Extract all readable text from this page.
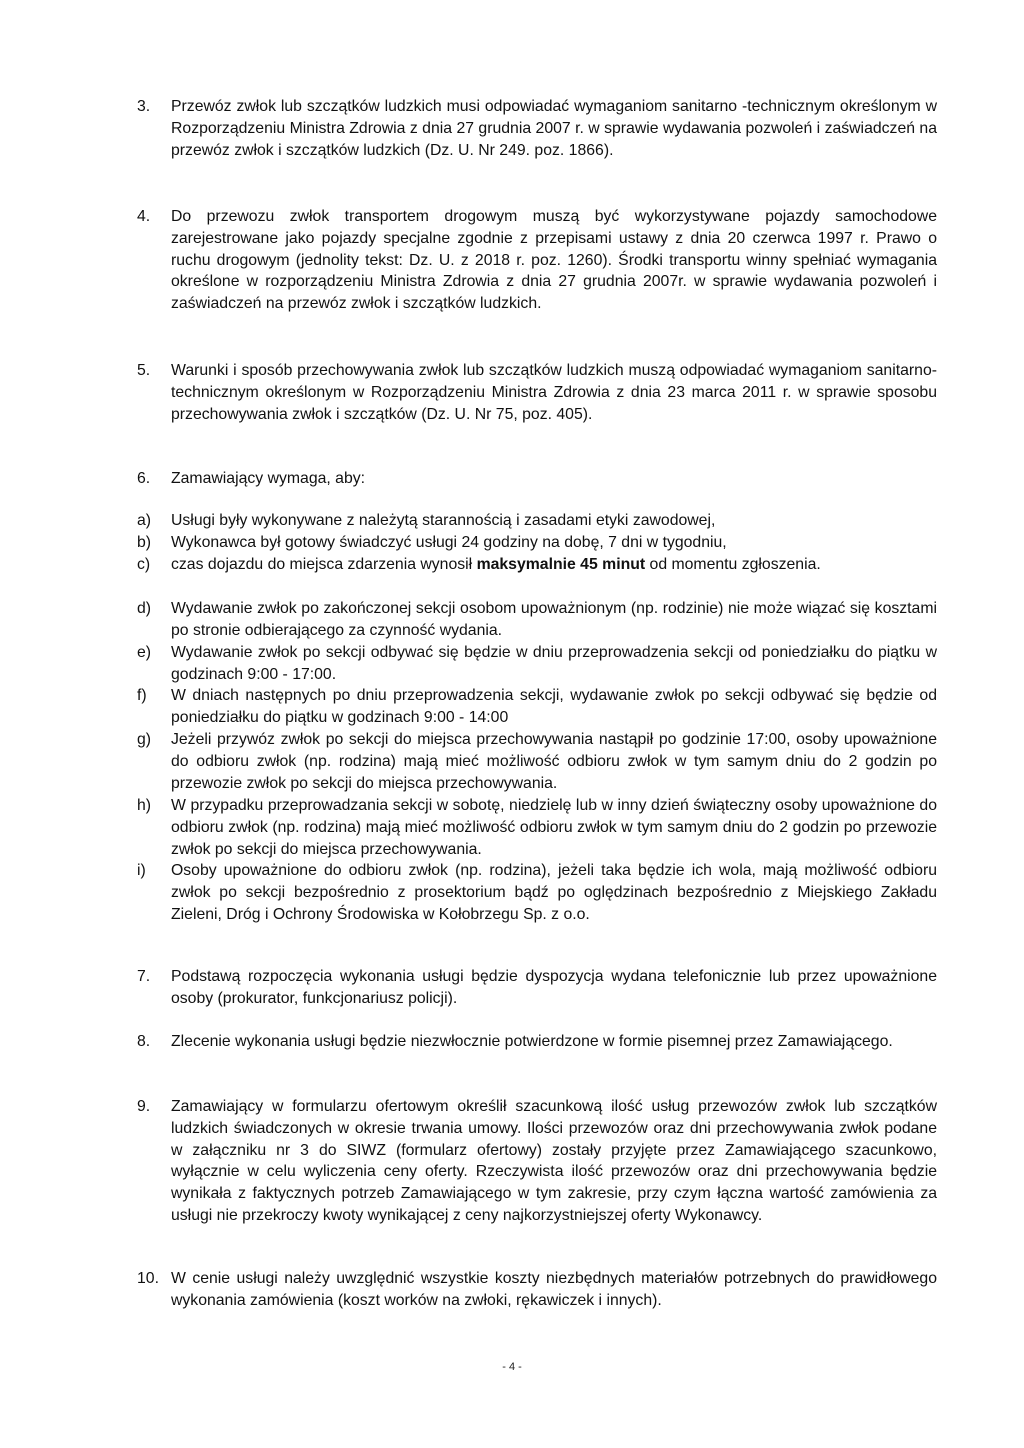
3. Przewóz zwłok lub szczątków ludzkich musi odpowiadać wymaganiom sanitarno -technicznym określonym w Rozporządzeniu Ministra Zdrowia z dnia 27 grudnia 2007 r. w sprawie wydawania pozwoleń i zaświadczeń na przewóz zwłok i szczątków ludzkich (Dz. U. Nr 249. poz. 1866).
4. Do przewozu zwłok transportem drogowym muszą być wykorzystywane pojazdy samochodowe zarejestrowane jako pojazdy specjalne zgodnie z przepisami ustawy z dnia 20 czerwca 1997 r. Prawo o ruchu drogowym (jednolity tekst: Dz. U. z 2018 r. poz. 1260). Środki transportu winny spełniać wymagania określone w rozporządzeniu Ministra Zdrowia z dnia 27 grudnia 2007r. w sprawie wydawania pozwoleń i zaświadczeń na przewóz zwłok i szczątków ludzkich.
5. Warunki i sposób przechowywania zwłok lub szczątków ludzkich muszą odpowiadać wymaganiom sanitarno-technicznym określonym w Rozporządzeniu Ministra Zdrowia z dnia 23 marca 2011 r. w sprawie sposobu przechowywania zwłok i szczątków (Dz. U. Nr 75, poz. 405).
6. Zamawiający wymaga, aby:
a) Usługi były wykonywane z należytą starannością i zasadami etyki zawodowej,
b) Wykonawca był gotowy świadczyć usługi 24 godziny na dobę, 7 dni w tygodniu,
c) czas dojazdu do miejsca zdarzenia wynosił maksymalnie 45 minut od momentu zgłoszenia.
d) Wydawanie zwłok po zakończonej sekcji osobom upoważnionym (np. rodzinie) nie może wiązać się kosztami po stronie odbierającego za czynność wydania.
e) Wydawanie zwłok po sekcji odbywać się będzie w dniu przeprowadzenia sekcji od poniedziałku do piątku w godzinach 9:00 - 17:00.
f) W dniach następnych po dniu przeprowadzenia sekcji, wydawanie zwłok po sekcji odbywać się będzie od poniedziałku do piątku w godzinach 9:00 - 14:00
g) Jeżeli przywóz zwłok po sekcji do miejsca przechowywania nastąpił po godzinie 17:00, osoby upoważnione do odbioru zwłok (np. rodzina) mają mieć możliwość odbioru zwłok w tym samym dniu do 2 godzin po przewozie zwłok po sekcji do miejsca przechowywania.
h) W przypadku przeprowadzania sekcji w sobotę, niedzielę lub w inny dzień świąteczny osoby upoważnione do odbioru zwłok (np. rodzina) mają mieć możliwość odbioru zwłok w tym samym dniu do 2 godzin po przewozie zwłok po sekcji do miejsca przechowywania.
i) Osoby upoważnione do odbioru zwłok (np. rodzina), jeżeli taka będzie ich wola, mają możliwość odbioru zwłok po sekcji bezpośrednio z prosektorium bądź po oględzinach bezpośrednio z Miejskiego Zakładu Zieleni, Dróg i Ochrony Środowiska w Kołobrzegu Sp. z o.o.
7. Podstawą rozpoczęcia wykonania usługi będzie dyspozycja wydana telefonicznie lub przez upoważnione osoby (prokurator, funkcjonariusz policji).
8. Zlecenie wykonania usługi będzie niezwłocznie potwierdzone w formie pisemnej przez Zamawiającego.
9. Zamawiający w formularzu ofertowym określił szacunkową ilość usług przewozów zwłok lub szczątków ludzkich świadczonych w okresie trwania umowy. Ilości przewozów oraz dni przechowywania zwłok podane w załączniku nr 3 do SIWZ (formularz ofertowy) zostały przyjęte przez Zamawiającego szacunkowo, wyłącznie w celu wyliczenia ceny oferty. Rzeczywista ilość przewozów oraz dni przechowywania będzie wynikała z faktycznych potrzeb Zamawiającego w tym zakresie, przy czym łączna wartość zamówienia za usługi nie przekroczy kwoty wynikającej z ceny najkorzystniejszej oferty Wykonawcy.
10. W cenie usługi należy uwzględnić wszystkie koszty niezbędnych materiałów potrzebnych do prawidłowego wykonania zamówienia (koszt worków na zwłoki, rękawiczek i innych).
- 4 -
